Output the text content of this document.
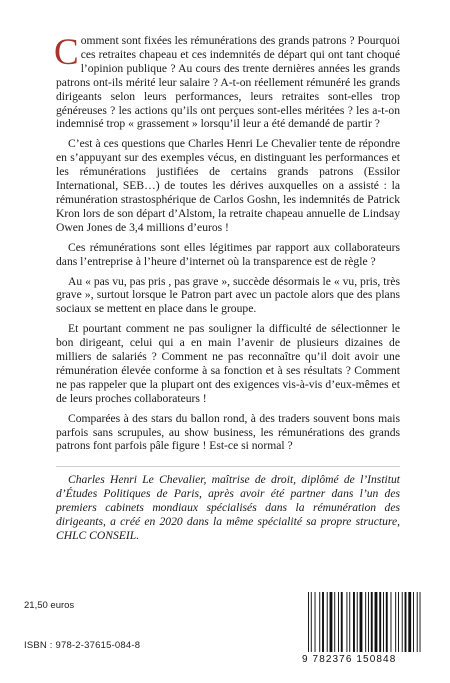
Comment sont fixées les rémunérations des grands patrons ? Pourquoi ces retraites chapeau et ces indemnités de départ qui ont tant choqué l’opinion publique ? Au cours des trente dernières années les grands patrons ont-ils mérité leur salaire ? A-t-on réellement rémunéré les grands dirigeants selon leurs performances, leurs retraites sont-elles trop généreuses ? les actions qu’ils ont perçues sont-elles méritées ? les a-t-on indemnisé trop « grassement » lorsqu’il leur a été demandé de partir ?

C’est à ces questions que Charles Henri Le Chevalier tente de répondre en s’appuyant sur des exemples vécus, en distinguant les performances et les rémunérations justifiées de certains grands patrons (Essilor International, SEB…) de toutes les dérives auxquelles on a assisté : la rémunération strastosphérique de Carlos Goshn, les indemnités de Patrick Kron lors de son départ d’Alstom, la retraite chapeau annuelle de Lindsay Owen Jones de 3,4 millions d’euros !

Ces rémunérations sont elles légitimes par rapport aux collaborateurs dans l’entreprise à l’heure d’internet où la transparence est de règle ?

Au « pas vu, pas pris , pas grave », succède désormais le « vu, pris, très grave », surtout lorsque le Patron part avec un pactole alors que des plans sociaux se mettent en place dans le groupe.

Et pourtant comment ne pas souligner la difficulté de sélectionner le bon dirigeant, celui qui a en main l’avenir de plusieurs dizaines de milliers de salariés ? Comment ne pas reconnaître qu’il doit avoir une rémunération élevée conforme à sa fonction et à ses résultats ? Comment ne pas rappeler que la plupart ont des exigences vis-à-vis d’eux-mêmes et de leurs proches collaborateurs !

Comparées à des stars du ballon rond, à des traders souvent bons mais parfois sans scrupules, au show business, les rémunérations des grands patrons font parfois pâle figure ! Est-ce si normal ?

Charles Henri Le Chevalier, maîtrise de droit, diplômé de l’Institut d’Études Politiques de Paris, après avoir été partner dans l’un des premiers cabinets mondiaux spécialisés dans la rémunération des dirigeants, a créé en 2020 dans la même spécialité sa propre structure, CHLC CONSEIL.

21,50 euros
ISBN : 978-2-37615-084-8
9 782376 150848
